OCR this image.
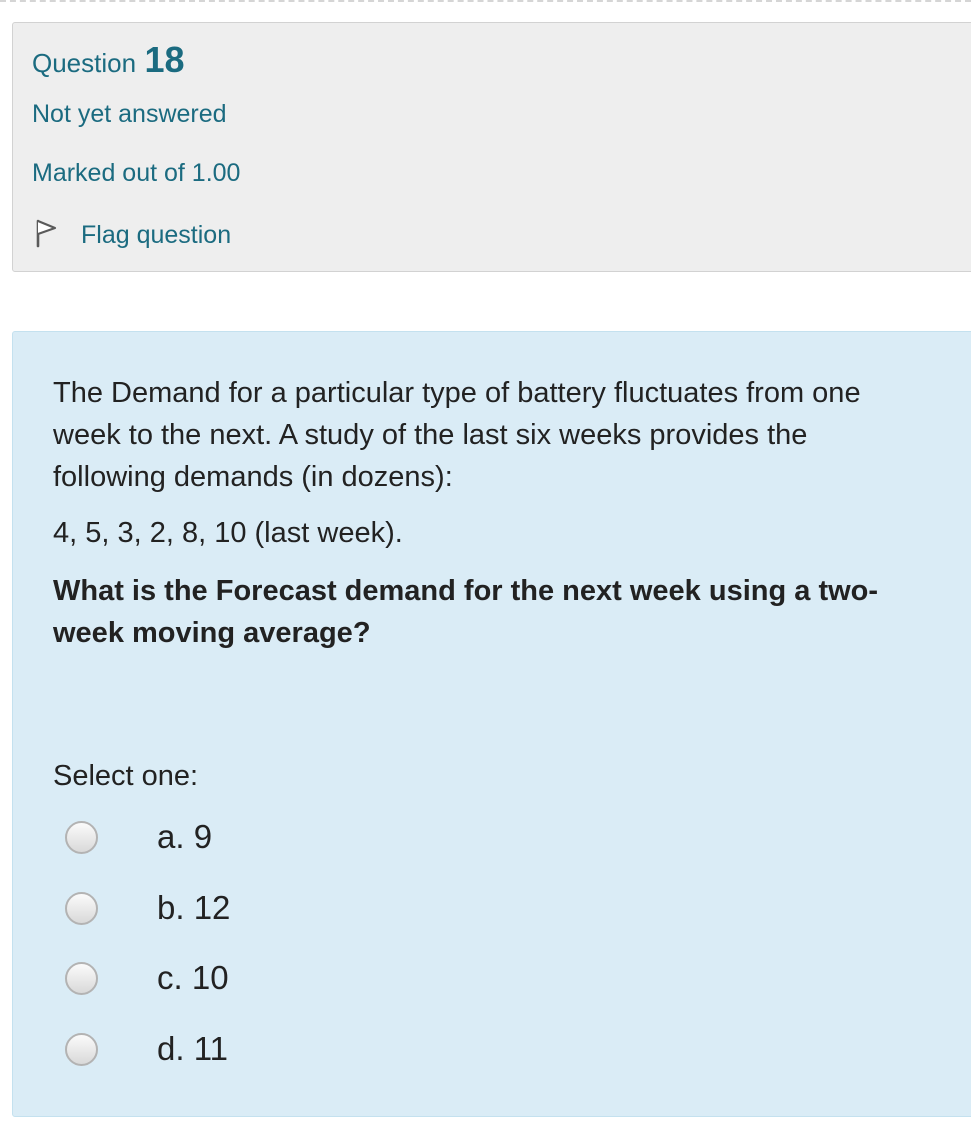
Question 18
Not yet answered
Marked out of 1.00
Flag question

The Demand for a particular type of battery fluctuates from one week to the next. A study of the last six weeks provides the following demands (in dozens):

4, 5, 3, 2, 8, 10 (last week).

What is the Forecast demand for the next week using a two-week moving average?

Select one:
a. 9
b. 12
c. 10
d. 11
